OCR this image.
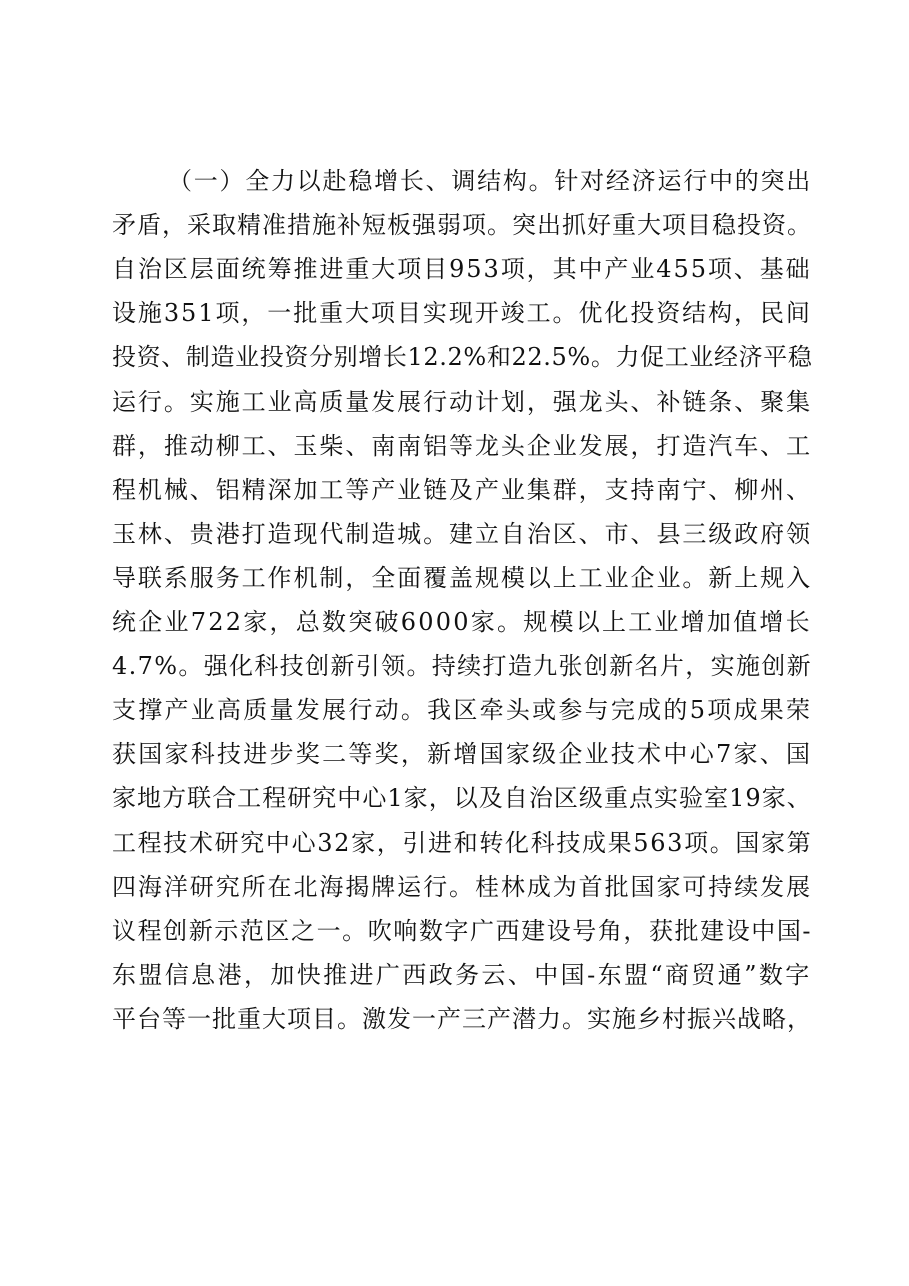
（一）全力以赴稳增长、调结构。针对经济运行中的突出
矛盾，采取精准措施补短板强弱项。突出抓好重大项目稳投资。
自治区层面统筹推进重大项目953项，其中产业455项、基础
设施351项，一批重大项目实现开竣工。优化投资结构，民间
投资、制造业投资分别增长12.2%和22.5%。力促工业经济平稳
运行。实施工业高质量发展行动计划，强龙头、补链条、聚集
群，推动柳工、玉柴、南南铝等龙头企业发展，打造汽车、工
程机械、铝精深加工等产业链及产业集群，支持南宁、柳州、
玉林、贵港打造现代制造城。建立自治区、市、县三级政府领
导联系服务工作机制，全面覆盖规模以上工业企业。新上规入
统企业722家，总数突破6000家。规模以上工业增加值增长
4.7%。强化科技创新引领。持续打造九张创新名片，实施创新
支撑产业高质量发展行动。我区牵头或参与完成的5项成果荣
获国家科技进步奖二等奖，新增国家级企业技术中心7家、国
家地方联合工程研究中心1家，以及自治区级重点实验室19家、
工程技术研究中心32家，引进和转化科技成果563项。国家第
四海洋研究所在北海揭牌运行。桂林成为首批国家可持续发展
议程创新示范区之一。吹响数字广西建设号角，获批建设中国-
东盟信息港，加快推进广西政务云、中国-东盟“商贸通”数字
平台等一批重大项目。激发一产三产潜力。实施乡村振兴战略，
